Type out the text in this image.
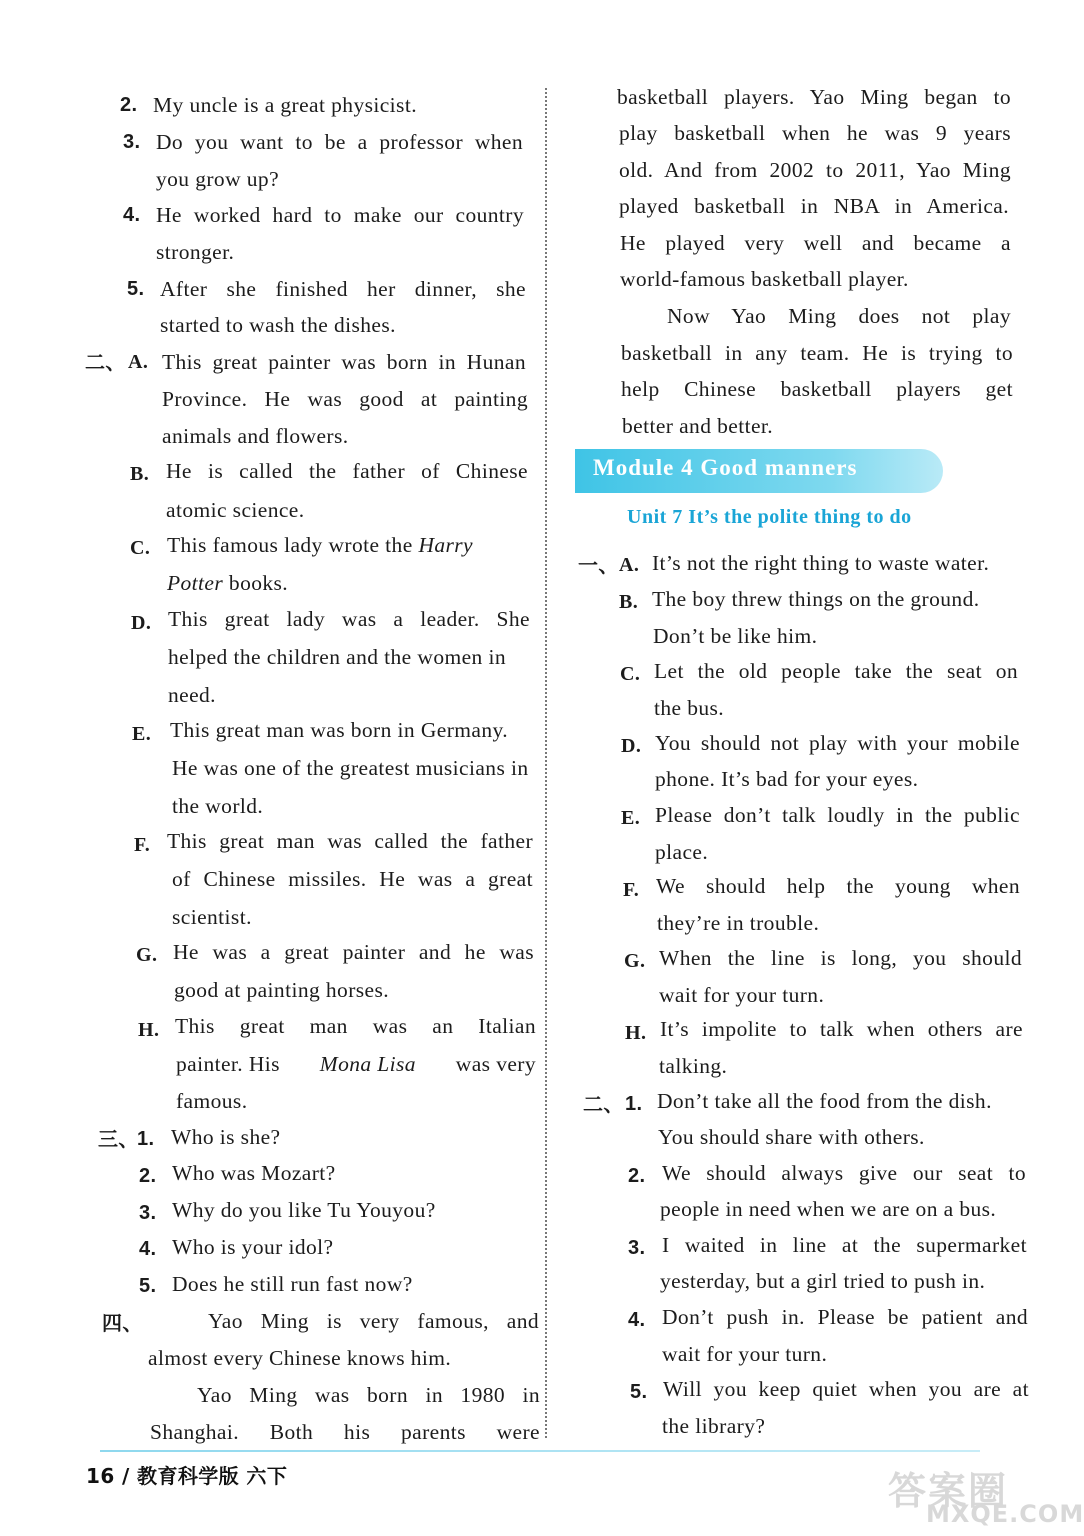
2. My uncle is a great physicist.
3. Do you want to be a professor when
you grow up?
4. He worked hard to make our country
stronger.
5. After she finished her dinner, she
started to wash the dishes.
二、 A. This great painter was born in Hunan
Province. He was good at painting
animals and flowers.
B. He is called the father of Chinese
atomic science.
C. This famous lady wrote the Harry
Potter books.
D. This great lady was a leader. She
helped the children and the women in
need.
E. This great man was born in Germany.
He was one of the greatest musicians in
the world.
F. This great man was called the father
of Chinese missiles. He was a great
scientist.
G. He was a great painter and he was
good at painting horses.
H. This great man was an Italian
painter. His Mona Lisa was very
famous.
三、
1. Who is she?
2. Who was Mozart?
3. Why do you like Tu Youyou?
4. Who is your idol?
5. Does he still run fast now?
四、	Yao Ming is very famous, and
almost every Chinese knows him.
Yao Ming was born in 1980 in
Shanghai. Both his parents were
basketball players. Yao Ming began to
play basketball when he was 9 years
old. And from 2002 to 2011, Yao Ming
played basketball in NBA in America.
He played very well and became a
world-famous basketball player.
Now Yao Ming does not play
basketball in any team. He is trying to
help Chinese basketball players get
better and better.
Module 4 Good manners
Unit 7 It’s the polite thing to do
一、 A. It’s not the right thing to waste water.
B. The boy threw things on the ground.
Don’t be like him.
C. Let the old people take the seat on
the bus.
D. You should not play with your mobile
phone. It’s bad for your eyes.
E. Please don’t talk loudly in the public
place.
F. We should help the young when
they’re in trouble.
G. When the line is long, you should
wait for your turn.
H. It’s impolite to talk when others are
talking.
二、 1. Don’t take all the food from the dish.
You should share with others.
2. We should always give our seat to
people in need when we are on a bus.
3. I waited in line at the supermarket
yesterday, but a girl tried to push in.
4. Don’t push in. Please be patient and
wait for your turn.
5. Will you keep quiet when you are at
the library?
16 / 教育科学版 六下	答案圈
MXQE.COM
